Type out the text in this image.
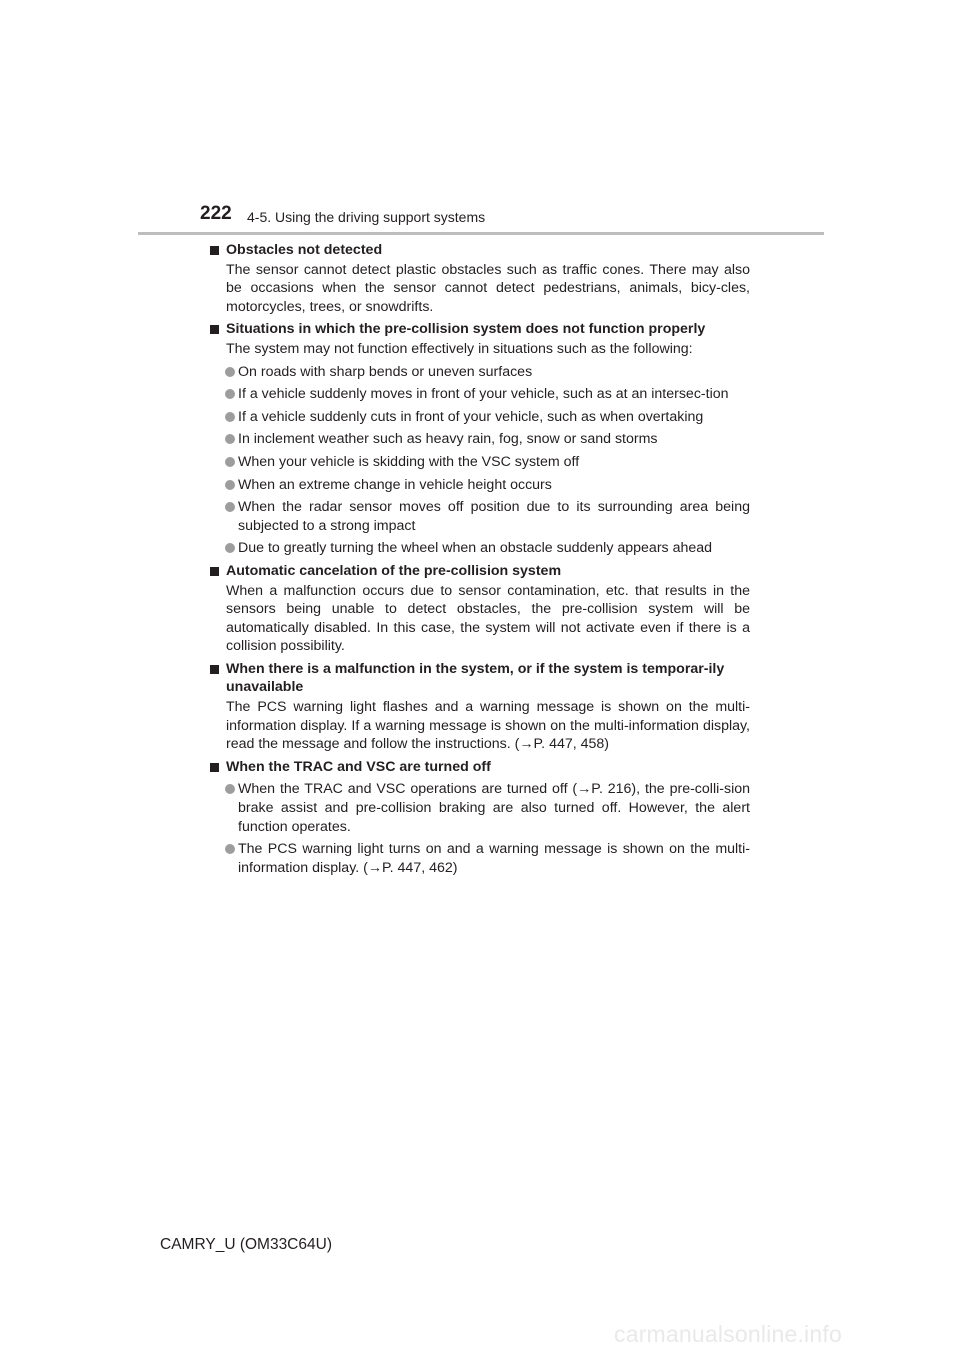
222 4-5. Using the driving support systems
Obstacles not detected
The sensor cannot detect plastic obstacles such as traffic cones. There may also be occasions when the sensor cannot detect pedestrians, animals, bicy-cles, motorcycles, trees, or snowdrifts.
Situations in which the pre-collision system does not function properly
The system may not function effectively in situations such as the following:
On roads with sharp bends or uneven surfaces
If a vehicle suddenly moves in front of your vehicle, such as at an intersec-tion
If a vehicle suddenly cuts in front of your vehicle, such as when overtaking
In inclement weather such as heavy rain, fog, snow or sand storms
When your vehicle is skidding with the VSC system off
When an extreme change in vehicle height occurs
When the radar sensor moves off position due to its surrounding area being subjected to a strong impact
Due to greatly turning the wheel when an obstacle suddenly appears ahead
Automatic cancelation of the pre-collision system
When a malfunction occurs due to sensor contamination, etc. that results in the sensors being unable to detect obstacles, the pre-collision system will be automatically disabled. In this case, the system will not activate even if there is a collision possibility.
When there is a malfunction in the system, or if the system is temporar-ily unavailable
The PCS warning light flashes and a warning message is shown on the multi-information display. If a warning message is shown on the multi-information display, read the message and follow the instructions. (→P. 447, 458)
When the TRAC and VSC are turned off
When the TRAC and VSC operations are turned off (→P. 216), the pre-colli-sion brake assist and pre-collision braking are also turned off. However, the alert function operates.
The PCS warning light turns on and a warning message is shown on the multi-information display. (→P. 447, 462)
CAMRY_U (OM33C64U)
carmanualsonline.info
